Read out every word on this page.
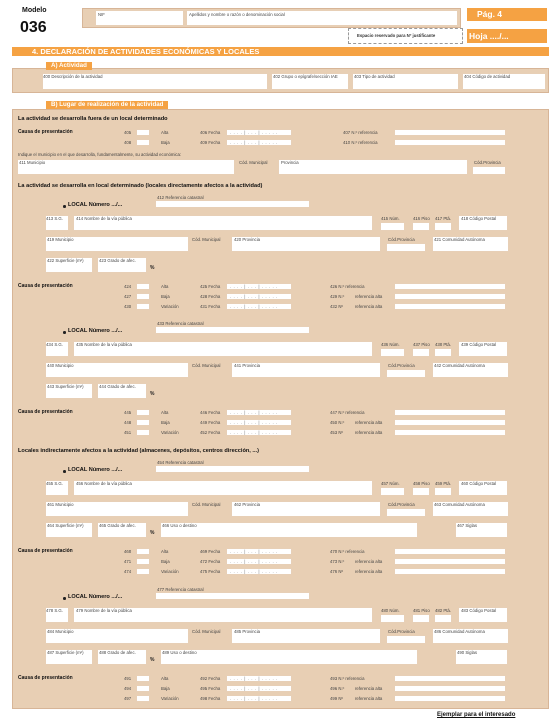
Modelo
036
NIF	Apellidos y nombre o razón o denominación social	Pág. 4
Espacio reservado para Nº justificante	Hoja ..../...
4. DECLARACIÓN DE ACTIVIDADES ECONÓMICAS Y LOCALES
A) Actividad
400 Descripción de la actividad	402 Grupo o epígrafe/sección IAE	403 Tipo de actividad	404 Código de actividad
B) Lugar de realización de la actividad
La actividad se desarrolla fuera de un local determinado
Causa de presentación	405	Alta	406 Fecha	. . . . | . . . | . . . . .	407 N.º referencia
408	Baja	409 Fecha	. . . . | . . . | . . . . .	410 N.º referencia
Indique el municipio en el que desarrolla, fundamentalmente, su actividad económica:
411 Municipio	Cód. Municipal	Provincia	Cód.Provincia
La actividad se desarrolla en local determinado (locales directamente afectos a la actividad)
Locales indirectamente afectos a la actividad (almacenes, depósitos, centros dirección, ...)
LOCAL Número .../...
412 Referencia catastral
413 S.G.	414 Nombre de la vía pública	415 Núm.	416 Piso 417 Ptá. 418 Código Postal
419 Municipio	Cód. Municipal	420 Provincia	Cód.Provincia	421 Comunidad Autónoma
422 Superficie (m²)	423 Grado de afec.
%
Causa de presentación	424	Alta	425 Fecha	. . . . | . . . | . . . . .	426 N.º referencia
427	Baja	428 Fecha	. . . . | . . . | . . . . .	429 N.º	referencia alta
430	Variación	431 Fecha	. . . . | . . . | . . . . .	432 Nº	referencia alta
LOCAL Número .../...
433 Referencia catastral
434 S.G.	435 Nombre de la vía pública	436 Núm.	437 Piso 438 Ptá. 439 Código Postal
440 Municipio	Cód. Municipal	441 Provincia	Cód.Provincia	442 Comunidad Autónoma
443 Superficie (m²)	444 Grado de afec.
%
Causa de presentación	445	Alta	446 Fecha	. . . . | . . . | . . . . .	447 N.º referencia
448	Baja	449 Fecha	. . . . | . . . | . . . . .	450 N.º	referencia alta
451	Variación	452 Fecha	. . . . | . . . | . . . . .	453 Nº	referencia alta
LOCAL Número .../...
454 Referencia catastral
455 S.G.	456 Nombre de la vía pública	457 Núm.	458 Piso 459 Ptá. 460 Código Postal
461 Municipio	Cód. Municipal	462 Provincia	Cód.Provincia	463 Comunidad Autónoma
464 Superficie (m²)	465 Grado de afec.
%
466 Uso o destino	467 Siglas
Causa de presentación	468	Alta	469 Fecha	. . . . | . . . | . . . . .	470 N.º referencia
471	Baja	472 Fecha	. . . . | . . . | . . . . .	473 N.º	referencia alta
474	Variación	475 Fecha	. . . . | . . . | . . . . .	476 Nº	referencia alta
LOCAL Número .../...
477 Referencia catastral
478 S.G.	479 Nombre de la vía pública	480 Núm.	481 Piso 482 Ptá. 483 Código Postal
484 Municipio	Cód. Municipal	485 Provincia	Cód.Provincia	486 Comunidad Autónoma
487 Superficie (m²)	488 Grado de afec.
%
489 Uso o destino	490 Siglas
Causa de presentación	491	Alta	492 Fecha	. . . . | . . . | . . . . .	493 N.º referencia
494	Baja	495 Fecha	. . . . | . . . | . . . . .	496 N.º	referencia alta
497	Variación	498 Fecha	. . . . | . . . | . . . . .	499 Nº	referencia alta
Ejemplar para el interesado
